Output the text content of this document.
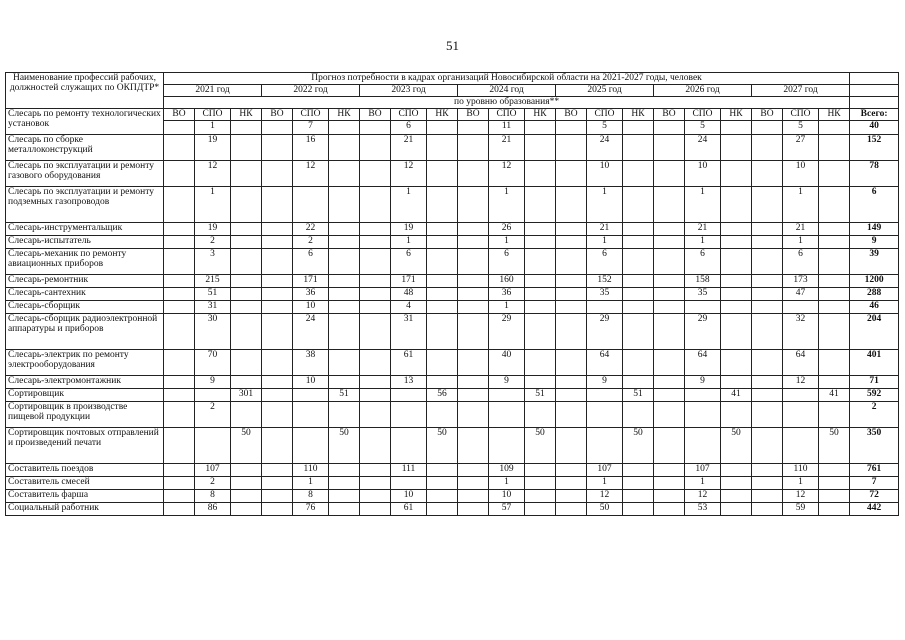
51
Наименование профессий рабочих, должностей служащих по ОКПДТР*	Прогноз потребности в кадрах организаций Новосибирской области на 2021-2027 годы, человек																					
	2021 год			2022 год			2023 год			2024 год			2025 год			2026 год			2027 год			
	по уровню образования**																					
Слесарь по ремонту технологических установок	ВО	СПО	НК	ВО	СПО	НК	ВО	СПО	НК	ВО	СПО	НК	ВО	СПО	НК	ВО	СПО	НК	ВО	СПО	НК	Всего:
		1			7			6			11			5			5			5		40
Слесарь по сборке металлоконструкций		19			16			21			21			24			24			27		152
Слесарь по эксплуатации и ремонту газового оборудования		12			12			12			12			10			10			10		78
Слесарь по эксплуатации и ремонту подземных газопроводов		1						1			1			1			1			1		6
Слесарь-инструментальщик		19			22			19			26			21			21			21		149
Слесарь-испытатель		2			2			1			1			1			1			1		9
Слесарь-механик по ремонту авиационных приборов		3			6			6			6			6			6			6		39
Слесарь-ремонтник		215			171			171			160			152			158			173		1200
Слесарь-сантехник		51			36			48			36			35			35			47		288
Слесарь-сборщик		31			10			4			1											46
Слесарь-сборщик радиоэлектронной аппаратуры и приборов		30			24			31			29			29			29			32		204
Слесарь-электрик по ремонту электрооборудования		70			38			61			40			64			64			64		401
Слесарь-электромонтажник		9			10			13			9			9			9			12		71
Сортировщик			301			51			56			51			51			41			41	592
Сортировщик в производстве пищевой продукции		2																				2
Сортировщик почтовых отправлений и произведений печати			50			50			50			50			50			50			50	350
Составитель поездов		107			110			111			109			107			107			110		761
Составитель смесей		2			1						1			1			1			1		7
Составитель фарша		8			8			10			10			12			12			12		72
Социальный работник		86			76			61			57			50			53			59		442
